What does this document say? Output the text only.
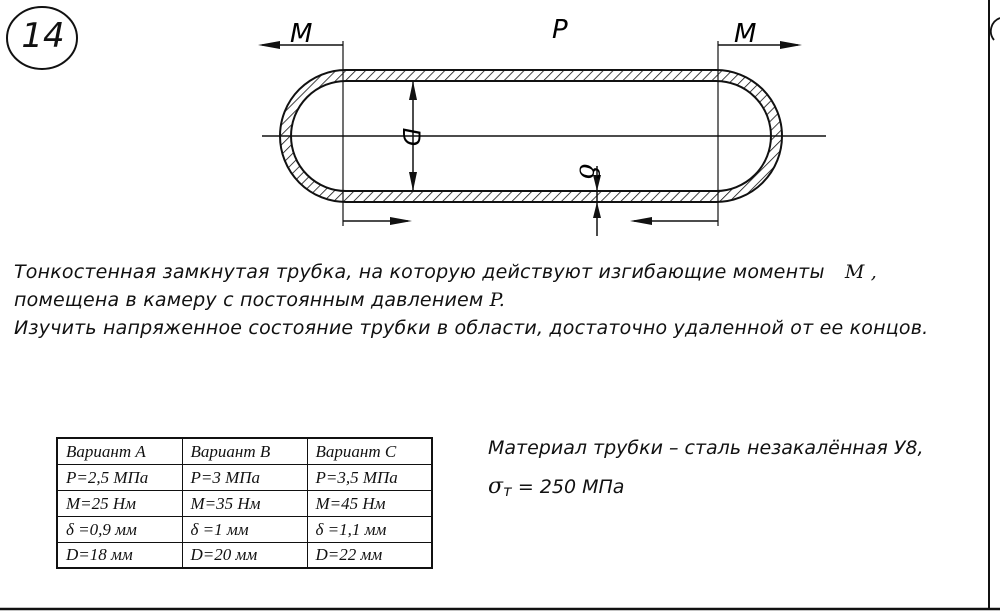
14	M	M
P
D
δ
Тонкостенная замкнутая трубка, на которую действуют изгибающие моменты M ,
помещена в камеру с постоянным давлением P.
Изучить напряженное состояние трубки в области, достаточно удаленной от ее концов.
Вариант A	Вариант B	Вариант C
P=2,5 МПа	P=3 МПа	P=3,5 МПа
M=25 Нм	M=35 Нм	M=45 Нм
δ =0,9 мм	δ =1 мм	δ =1,1 мм
D=18 мм	D=20 мм	D=22 мм
Материал трубки – сталь незакалённая У8,
σт = 250 МПа
